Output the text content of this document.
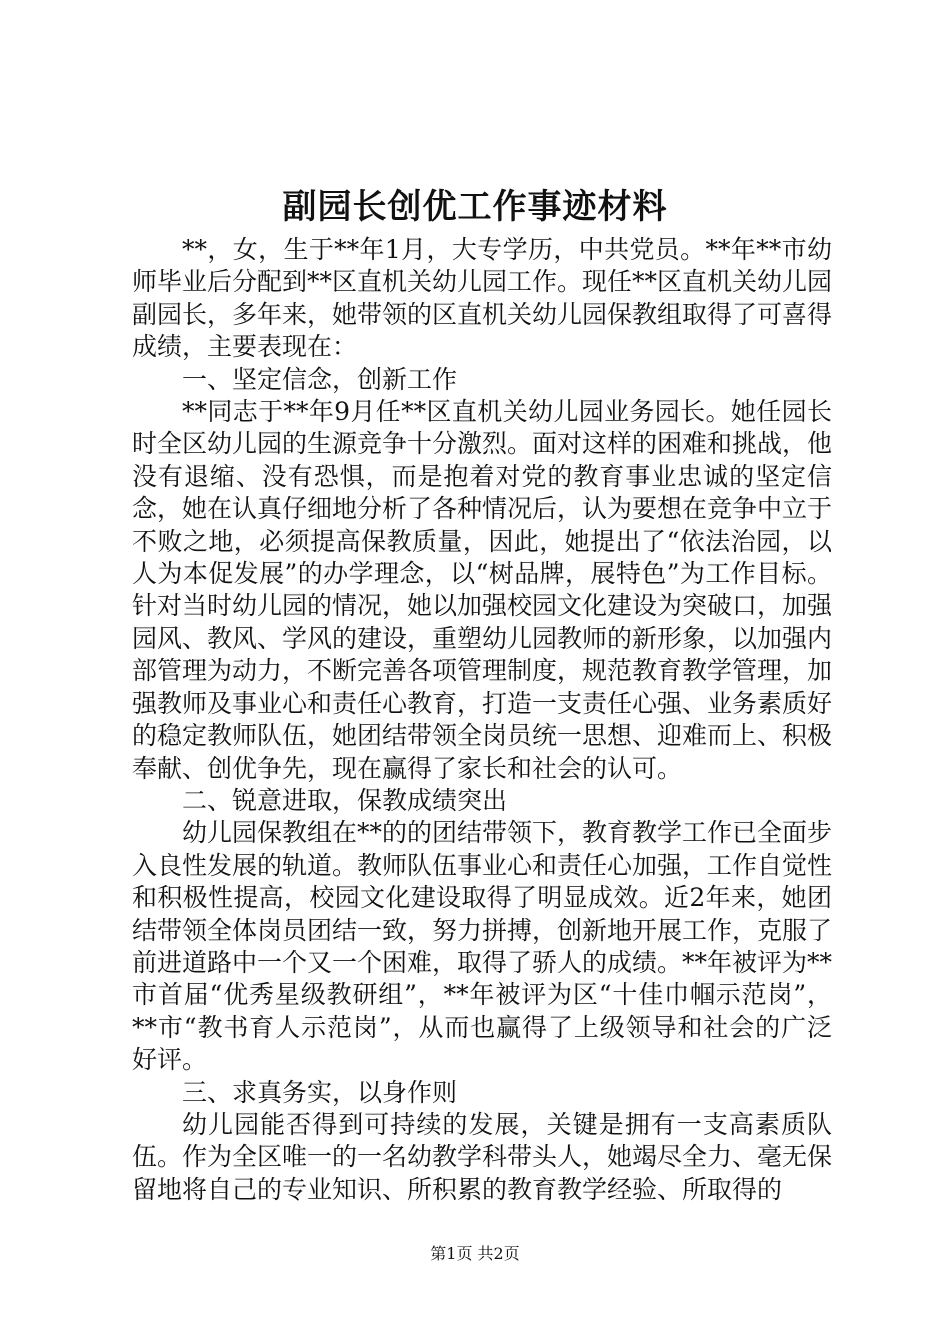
副园长创优工作事迹材料

**，女，生于**年1月，大专学历，中共党员。**年**市幼师毕业后分配到**区直机关幼儿园工作。现任**区直机关幼儿园副园长，多年来，她带领的区直机关幼儿园保教组取得了可喜得成绩，主要表现在：

一、坚定信念，创新工作

**同志于**年9月任**区直机关幼儿园业务园长。她任园长时全区幼儿园的生源竞争十分激烈。面对这样的困难和挑战，他没有退缩、没有恐惧，而是抱着对党的教育事业忠诚的坚定信念，她在认真仔细地分析了各种情况后，认为要想在竞争中立于不败之地，必须提高保教质量，因此，她提出了“依法治园，以人为本促发展”的办学理念，以“树品牌，展特色”为工作目标。针对当时幼儿园的情况，她以加强校园文化建设为突破口，加强园风、教风、学风的建设，重塑幼儿园教师的新形象，以加强内部管理为动力，不断完善各项管理制度，规范教育教学管理，加强教师及事业心和责任心教育，打造一支责任心强、业务素质好的稳定教师队伍，她团结带领全岗员统一思想、迎难而上、积极奉献、创优争先，现在赢得了家长和社会的认可。

二、锐意进取，保教成绩突出

幼儿园保教组在**的的团结带领下，教育教学工作已全面步入良性发展的轨道。教师队伍事业心和责任心加强，工作自觉性和积极性提高，校园文化建设取得了明显成效。近2年来，她团结带领全体岗员团结一致，努力拼搏，创新地开展工作，克服了前进道路中一个又一个困难，取得了骄人的成绩。**年被评为**市首届“优秀星级教研组”，**年被评为区“十佳巾帼示范岗”，**市“教书育人示范岗”，从而也赢得了上级领导和社会的广泛好评。

三、求真务实，以身作则

幼儿园能否得到可持续的发展，关键是拥有一支高素质队伍。作为全区唯一的一名幼教学科带头人，她竭尽全力、毫无保留地将自己的专业知识、所积累的教育教学经验、所取得的

第1页 共2页
